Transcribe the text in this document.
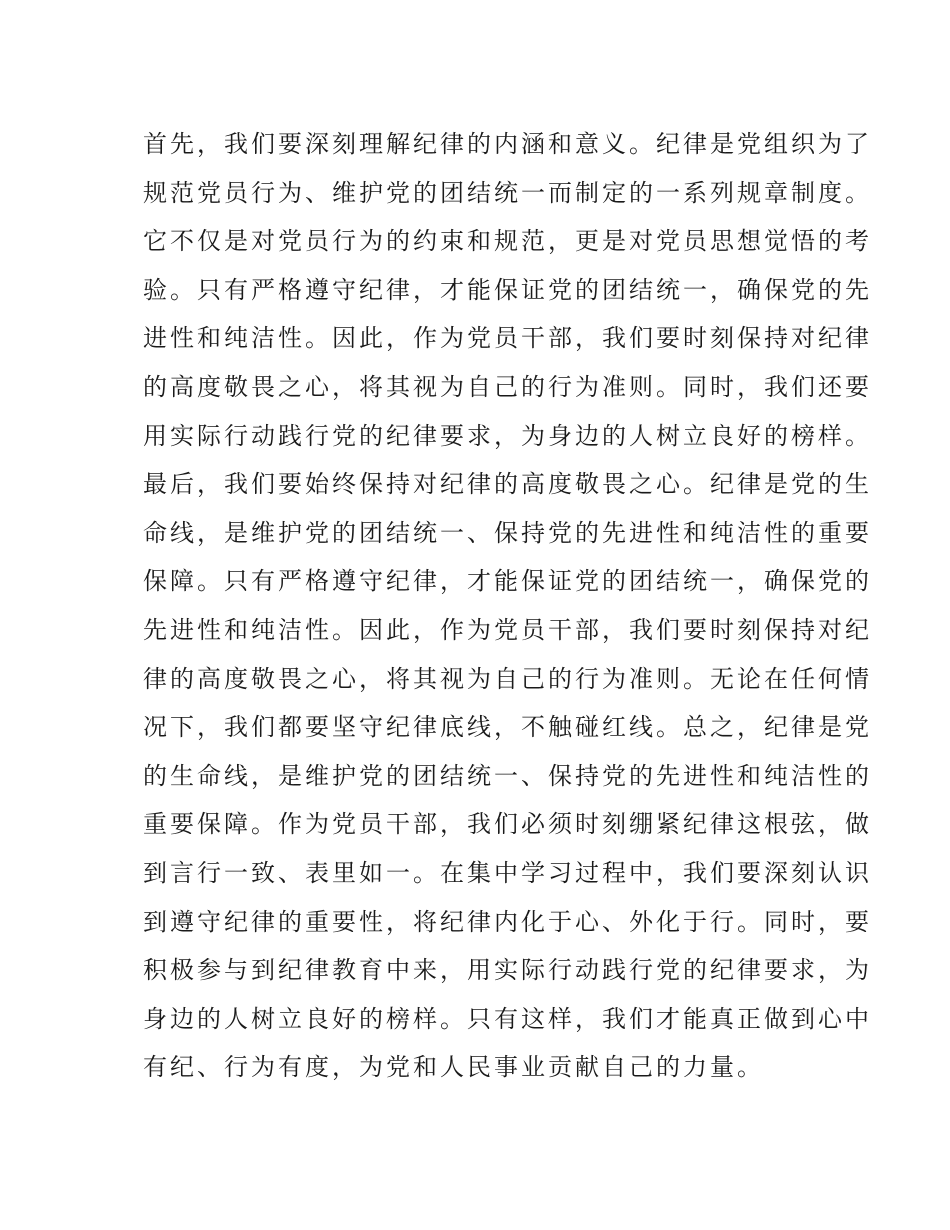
首先，我们要深刻理解纪律的内涵和意义。纪律是党组织为了
规范党员行为、维护党的团结统一而制定的一系列规章制度。
它不仅是对党员行为的约束和规范，更是对党员思想觉悟的考
验。只有严格遵守纪律，才能保证党的团结统一，确保党的先
进性和纯洁性。因此，作为党员干部，我们要时刻保持对纪律
的高度敬畏之心，将其视为自己的行为准则。同时，我们还要
用实际行动践行党的纪律要求，为身边的人树立良好的榜样。
最后，我们要始终保持对纪律的高度敬畏之心。纪律是党的生
命线，是维护党的团结统一、保持党的先进性和纯洁性的重要
保障。只有严格遵守纪律，才能保证党的团结统一，确保党的
先进性和纯洁性。因此，作为党员干部，我们要时刻保持对纪
律的高度敬畏之心，将其视为自己的行为准则。无论在任何情
况下，我们都要坚守纪律底线，不触碰红线。总之，纪律是党
的生命线，是维护党的团结统一、保持党的先进性和纯洁性的
重要保障。作为党员干部，我们必须时刻绷紧纪律这根弦，做
到言行一致、表里如一。在集中学习过程中，我们要深刻认识
到遵守纪律的重要性，将纪律内化于心、外化于行。同时，要
积极参与到纪律教育中来，用实际行动践行党的纪律要求，为
身边的人树立良好的榜样。只有这样，我们才能真正做到心中
有纪、行为有度，为党和人民事业贡献自己的力量。
